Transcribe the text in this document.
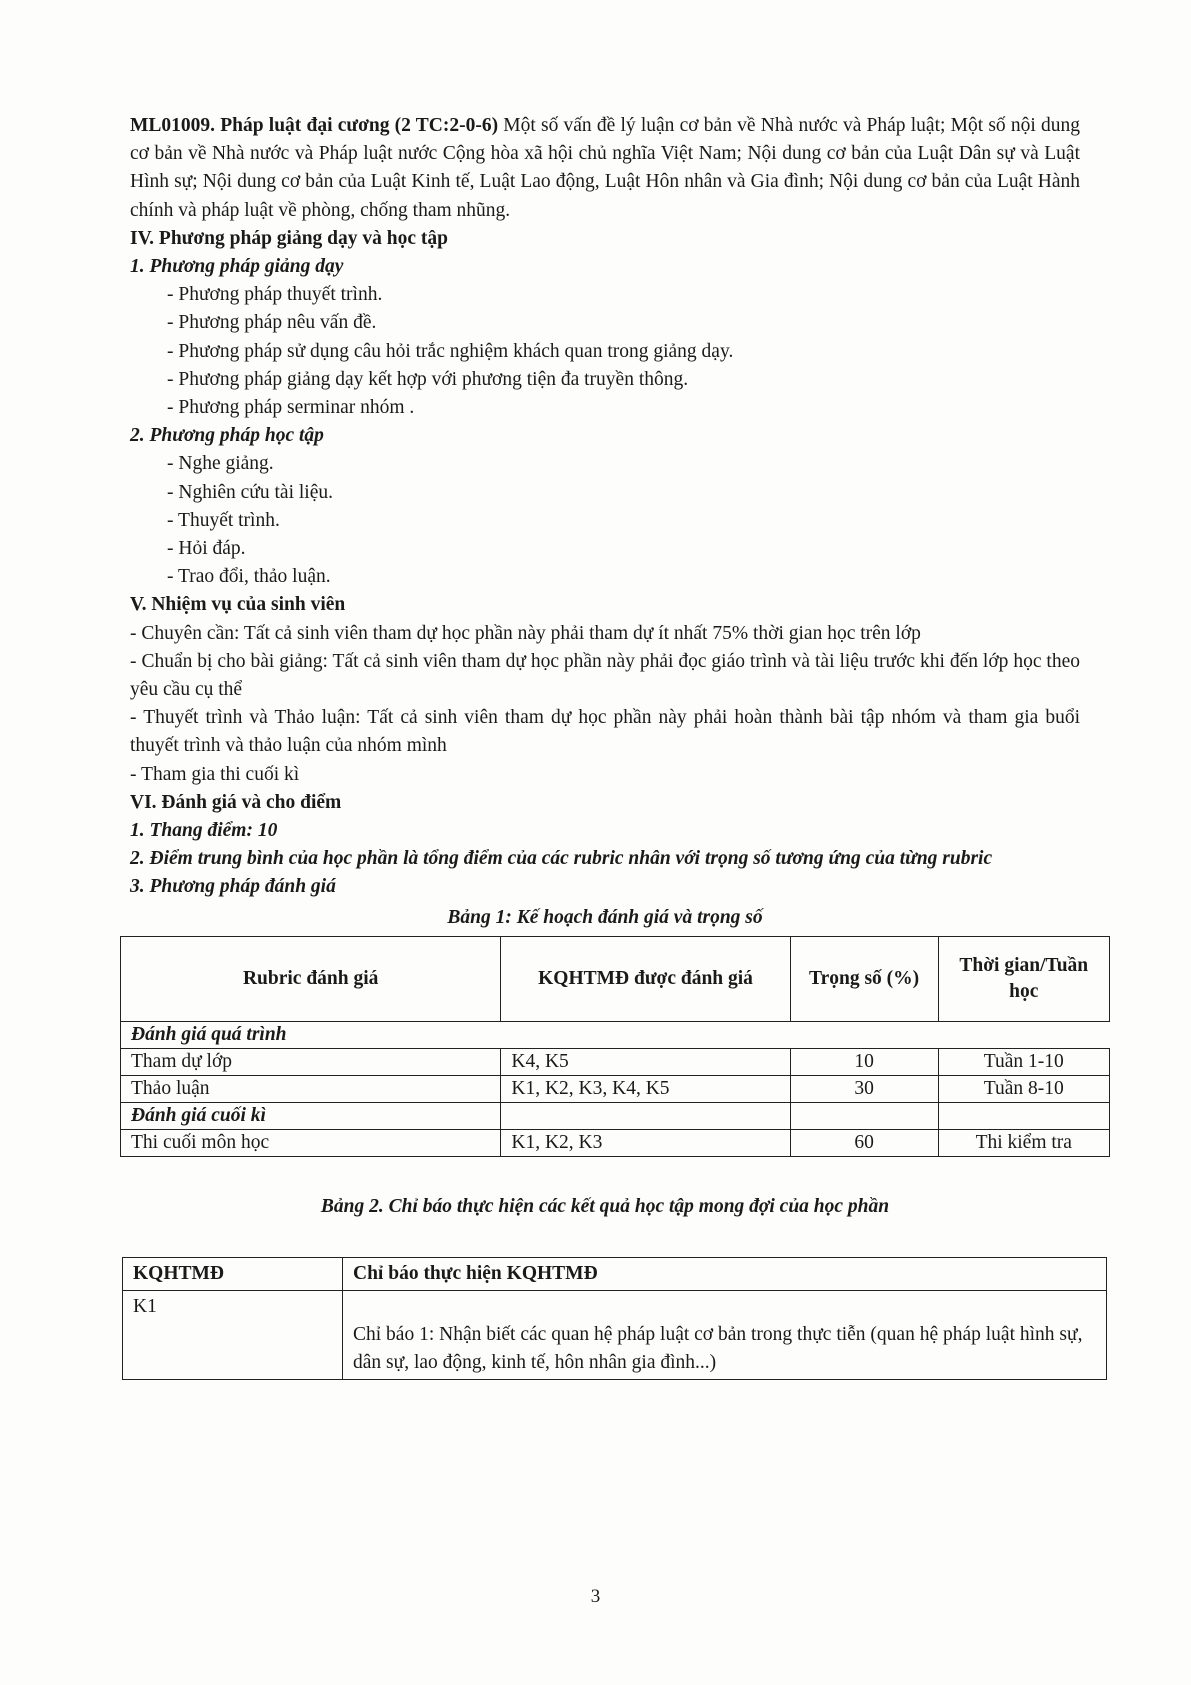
ML01009. Pháp luật đại cương (2 TC:2-0-6) Một số vấn đề lý luận cơ bản về Nhà nước và Pháp luật; Một số nội dung cơ bản về Nhà nước và Pháp luật nước Cộng hòa xã hội chủ nghĩa Việt Nam; Nội dung cơ bản của Luật Dân sự và Luật Hình sự; Nội dung cơ bản của Luật Kinh tế, Luật Lao động, Luật Hôn nhân và Gia đình; Nội dung cơ bản của Luật Hành chính và pháp luật về phòng, chống tham nhũng.

IV. Phương pháp giảng dạy và học tập

1. Phương pháp giảng dạy

- Phương pháp thuyết trình.
- Phương pháp nêu vấn đề.
- Phương pháp sử dụng câu hỏi trắc nghiệm khách quan trong giảng dạy.
- Phương pháp giảng dạy kết hợp với phương tiện đa truyền thông.
- Phương pháp serminar nhóm .

2. Phương pháp học tập

- Nghe giảng.
- Nghiên cứu tài liệu.
- Thuyết trình.
- Hỏi đáp.
- Trao đổi, thảo luận.

V. Nhiệm vụ của sinh viên

- Chuyên cần: Tất cả sinh viên tham dự học phần này phải tham dự ít nhất 75% thời gian học trên lớp

- Chuẩn bị cho bài giảng: Tất cả sinh viên tham dự học phần này phải đọc giáo trình và tài liệu trước khi đến lớp học theo yêu cầu cụ thể

- Thuyết trình và Thảo luận: Tất cả sinh viên tham dự học phần này phải hoàn thành bài tập nhóm và tham gia buổi thuyết trình và thảo luận của nhóm mình

- Tham gia thi cuối kì

VI. Đánh giá và cho điểm

1. Thang điểm: 10

2. Điểm trung bình của học phần là tổng điểm của các rubric nhân với trọng số tương ứng của từng rubric

3. Phương pháp đánh giá

Bảng 1: Kế hoạch đánh giá và trọng số

Rubric đánh giá	KQHTMĐ được đánh giá	Trọng số (%)	Thời gian/Tuần học
Đánh giá quá trình			
Tham dự lớp	K4, K5	10	Tuần 1-10
Thảo luận	K1, K2, K3, K4, K5	30	Tuần 8-10
Đánh giá cuối kì			
Thi cuối môn học	K1, K2, K3	60	Thi kiểm tra

Bảng 2. Chỉ báo thực hiện các kết quả học tập mong đợi của học phần

KQHTMĐ	Chỉ báo thực hiện KQHTMĐ
K1	Chỉ báo 1: Nhận biết các quan hệ pháp luật cơ bản trong thực tiễn (quan hệ pháp luật hình sự, dân sự, lao động, kinh tế, hôn nhân gia đình...)
3
